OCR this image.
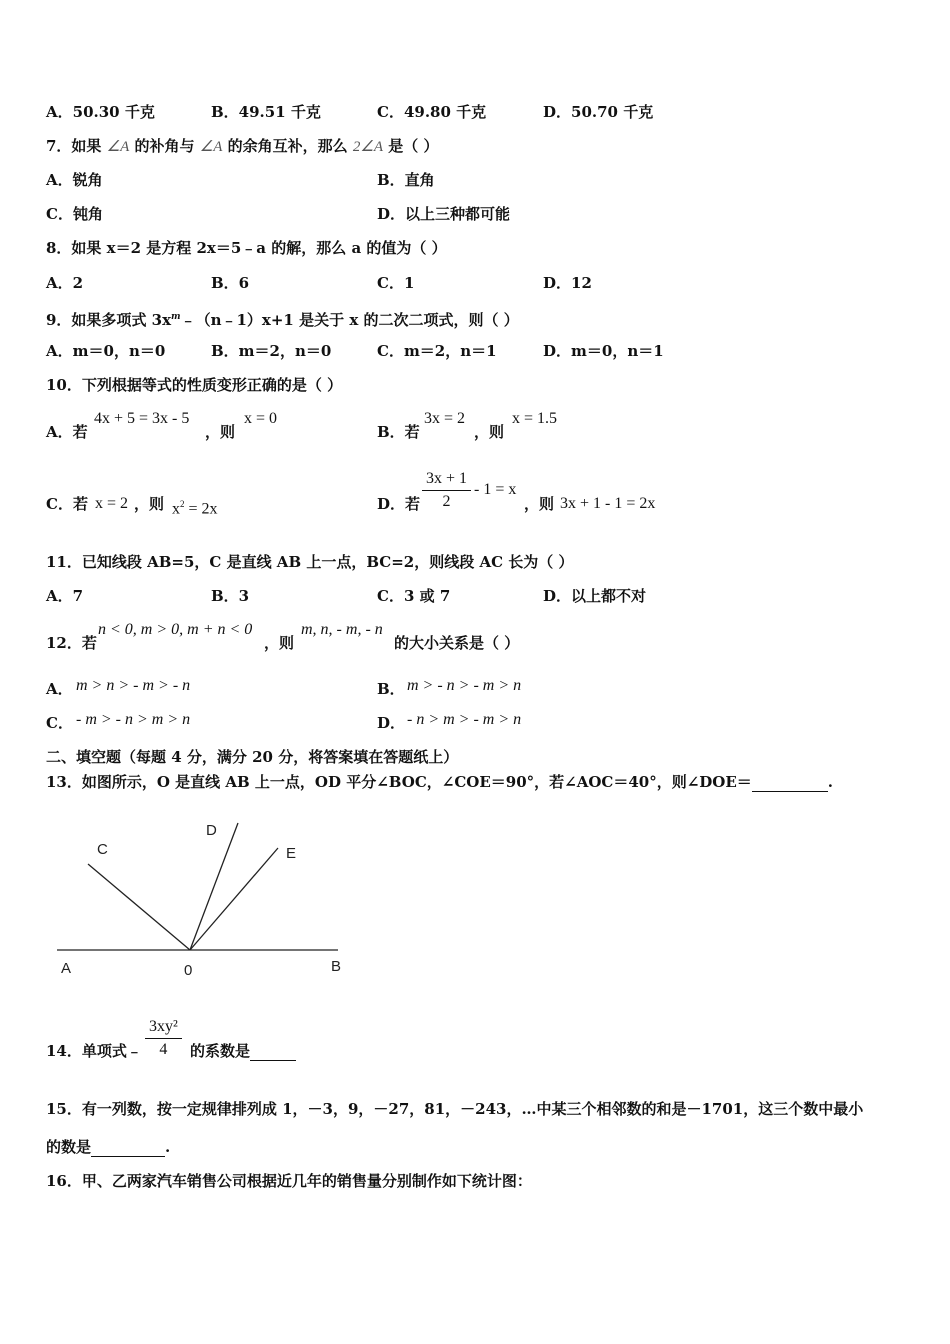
A．50.30 千克	B．49.51 千克	C．49.80 千克	D．50.70 千克
7．如果 ∠A 的补角与 ∠A 的余角互补，那么 2∠A 是（ ）
A．锐角	B．直角
C．钝角	D．以上三种都可能
8．如果 x＝2 是方程 2x＝5﹣a 的解，那么 a 的值为（ ）
A．2	B．6	C．1	D．12
9．如果多项式 $3x^m﹣(n﹣1)x+1$ 是关于 x 的二次二项式，则（ ）
A．m＝0，n＝0	B．m＝2，n＝0	C．m＝2，n＝1	D．m＝0，n＝1
10．下列根据等式的性质变形正确的是（ ）
A．若
4x + 5 = 3x - 5
，则
x = 0
B．若
3x = 2
，则
x = 1.5
C．若 x = 2 ，则 $x^2 = 2x$	D．若
3x + 1
2
- 1 = x
，则 3x + 1 - 1 = 2x
11．已知线段 AB=5，C 是直线 AB 上一点，BC=2，则线段 AC 长为（ ）
A．7	B．3	C．3 或 7	D．以上都不对
12．若
n < 0, m > 0, m + n < 0
，则
m, n, - m, - n
的大小关系是（ ）
A． m > n > - m > - n	B． m > - n > - m > n
C． - m > - n > m > n	D． - n > m > - m > n
二、填空题（每题 4 分，满分 20 分，将答案填在答题纸上）
13．如图所示，O 是直线 AB 上一点，OD 平分∠BOC，∠COE＝90°，若∠AOC＝40°，则∠DOE＝	.
A	0	B
C
D
E
14．单项式﹣
3xy²
4	的系数是
15．有一列数，按一定规律排列成 1，－3，9，－27，81，－243，…中某三个相邻数的和是－1701，这三个数中最小
的数是	.
16．甲、乙两家汽车销售公司根据近几年的销售量分别制作如下统计图：
